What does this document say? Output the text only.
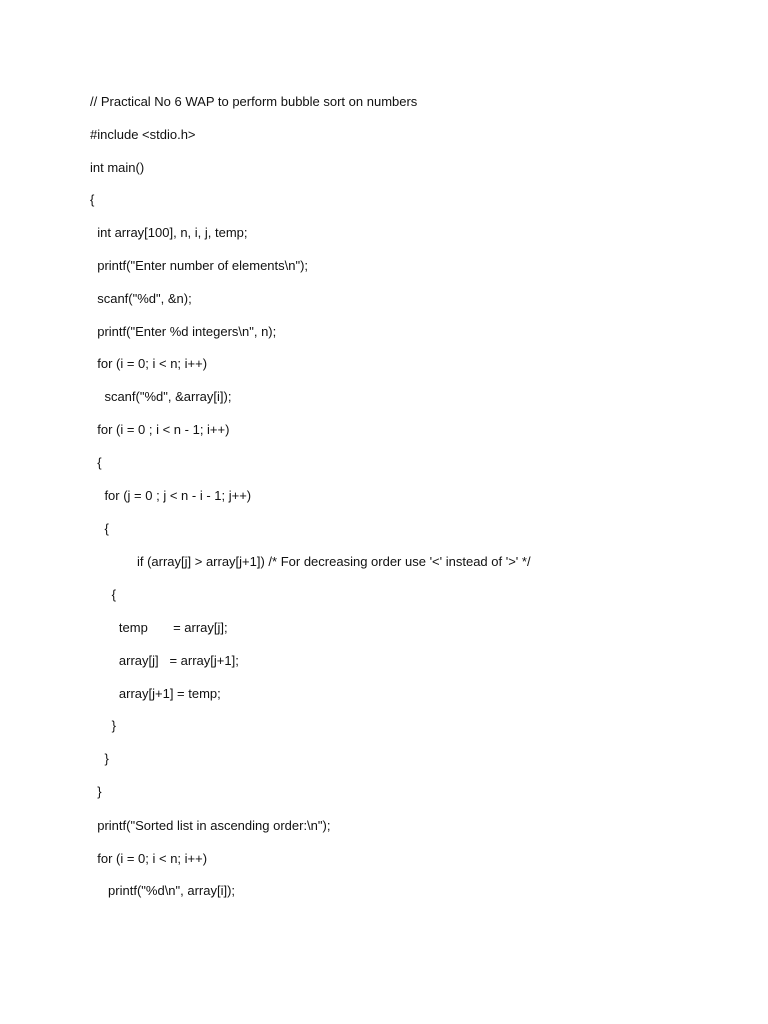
// Practical No 6 WAP to perform bubble sort on numbers
#include <stdio.h>
int main()
{
int array[100], n, i, j, temp;
printf("Enter number of elements\n");
scanf("%d", &n);
printf("Enter %d integers\n", n);
for (i = 0; i < n; i++)
scanf("%d", &array[i]);
for (i = 0 ; i < n - 1; i++)
{
for (j = 0 ; j < n - i - 1; j++)
{
if (array[j] > array[j+1]) /* For decreasing order use '<' instead of '>' */
{
temp       = array[j];
array[j]   = array[j+1];
array[j+1] = temp;
}
}
}
printf("Sorted list in ascending order:\n");
for (i = 0; i < n; i++)
printf("%d\n", array[i]);
